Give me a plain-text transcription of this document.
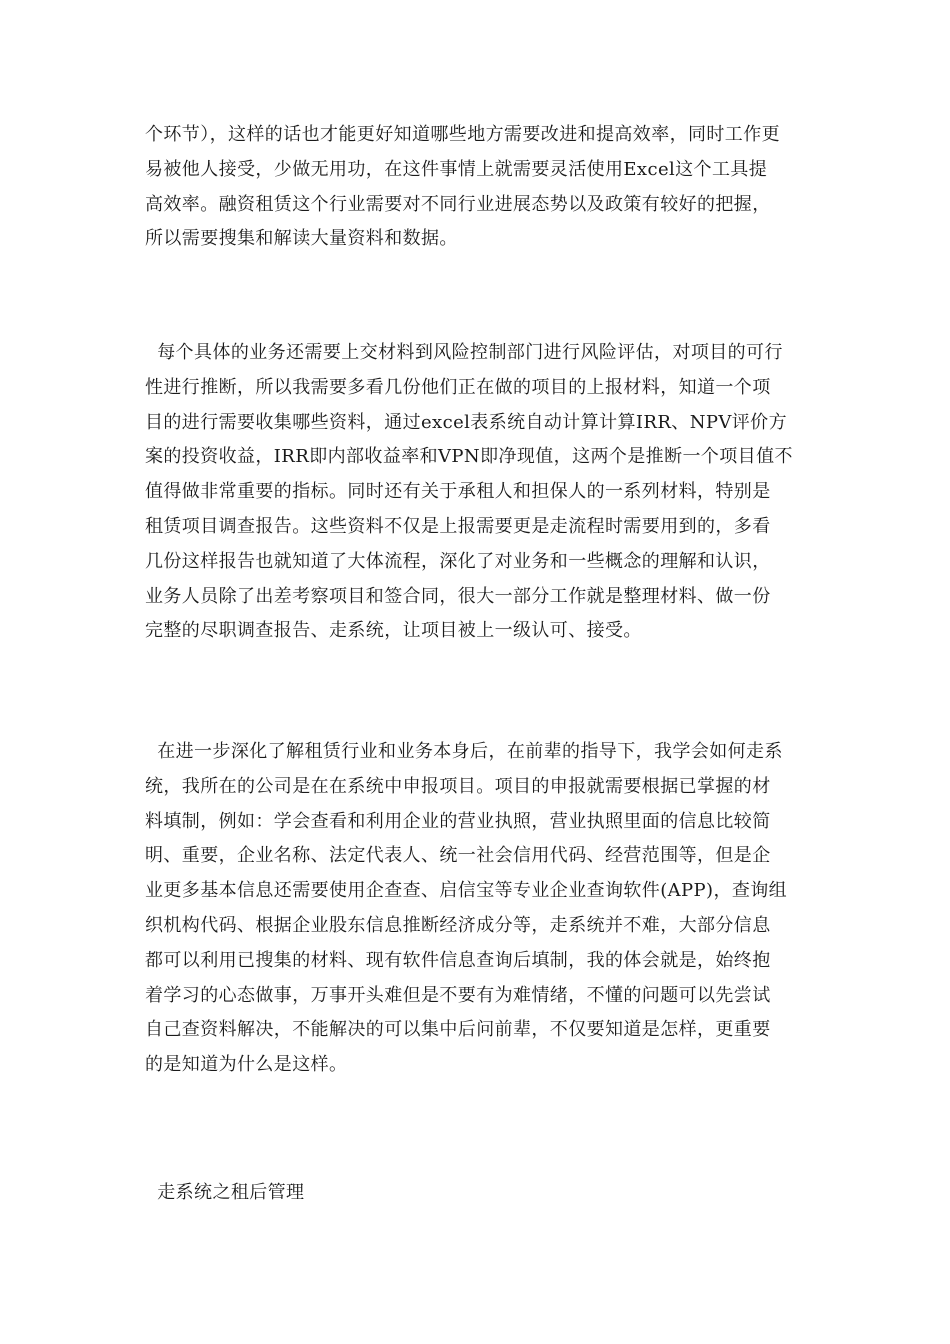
个环节），这样的话也才能更好知道哪些地方需要改进和提高效率，同时工作更
易被他人接受，少做无用功，在这件事情上就需要灵活使用Excel这个工具提
高效率。融资租赁这个行业需要对不同行业进展态势以及政策有较好的把握，
所以需要搜集和解读大量资料和数据。
每个具体的业务还需要上交材料到风险控制部门进行风险评估，对项目的可行
性进行推断，所以我需要多看几份他们正在做的项目的上报材料，知道一个项
目的进行需要收集哪些资料，通过excel表系统自动计算计算IRR、NPV评价方
案的投资收益，IRR即内部收益率和VPN即净现值，这两个是推断一个项目值不
值得做非常重要的指标。同时还有关于承租人和担保人的一系列材料，特别是
租赁项目调查报告。这些资料不仅是上报需要更是走流程时需要用到的，多看
几份这样报告也就知道了大体流程，深化了对业务和一些概念的理解和认识，
业务人员除了出差考察项目和签合同，很大一部分工作就是整理材料、做一份
完整的尽职调查报告、走系统，让项目被上一级认可、接受。
在进一步深化了解租赁行业和业务本身后，在前辈的指导下，我学会如何走系
统，我所在的公司是在在系统中申报项目。项目的申报就需要根据已掌握的材
料填制，例如：学会查看和利用企业的营业执照，营业执照里面的信息比较简
明、重要，企业名称、法定代表人、统一社会信用代码、经营范围等，但是企
业更多基本信息还需要使用企查查、启信宝等专业企业查询软件(APP)，查询组
织机构代码、根据企业股东信息推断经济成分等，走系统并不难，大部分信息
都可以利用已搜集的材料、现有软件信息查询后填制，我的体会就是，始终抱
着学习的心态做事，万事开头难但是不要有为难情绪，不懂的问题可以先尝试
自己查资料解决，不能解决的可以集中后问前辈，不仅要知道是怎样，更重要
的是知道为什么是这样。
走系统之租后管理
